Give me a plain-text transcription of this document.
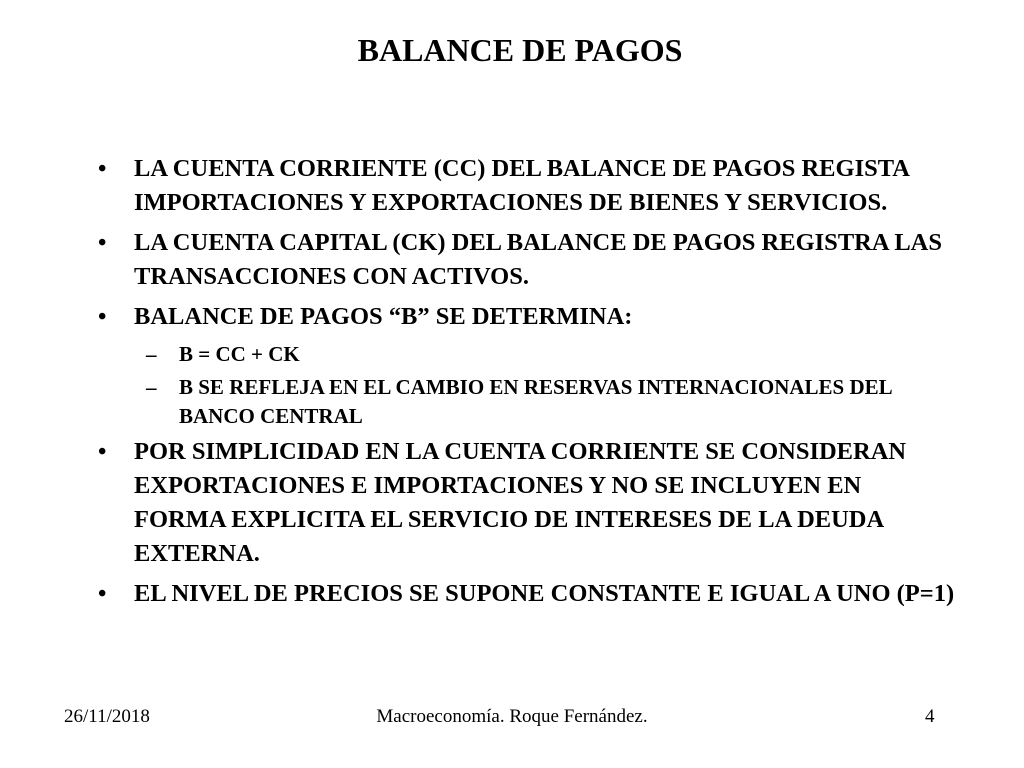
BALANCE DE PAGOS
• LA CUENTA CORRIENTE (CC) DEL BALANCE DE PAGOS REGISTA IMPORTACIONES Y EXPORTACIONES DE BIENES Y SERVICIOS.
• LA CUENTA CAPITAL (CK) DEL BALANCE DE PAGOS REGISTRA LAS TRANSACCIONES CON ACTIVOS.
• BALANCE DE PAGOS “B” SE DETERMINA:
– B = CC + CK
– B SE REFLEJA EN EL CAMBIO EN RESERVAS INTERNACIONALES DEL BANCO CENTRAL
• POR SIMPLICIDAD EN LA CUENTA CORRIENTE SE CONSIDERAN EXPORTACIONES E IMPORTACIONES Y NO SE INCLUYEN EN FORMA EXPLICITA EL SERVICIO DE INTERESES DE LA DEUDA EXTERNA.
• EL NIVEL DE PRECIOS SE SUPONE CONSTANTE E IGUAL A UNO (P=1)
26/11/2018	Macroeconomía. Roque Fernández.	4
